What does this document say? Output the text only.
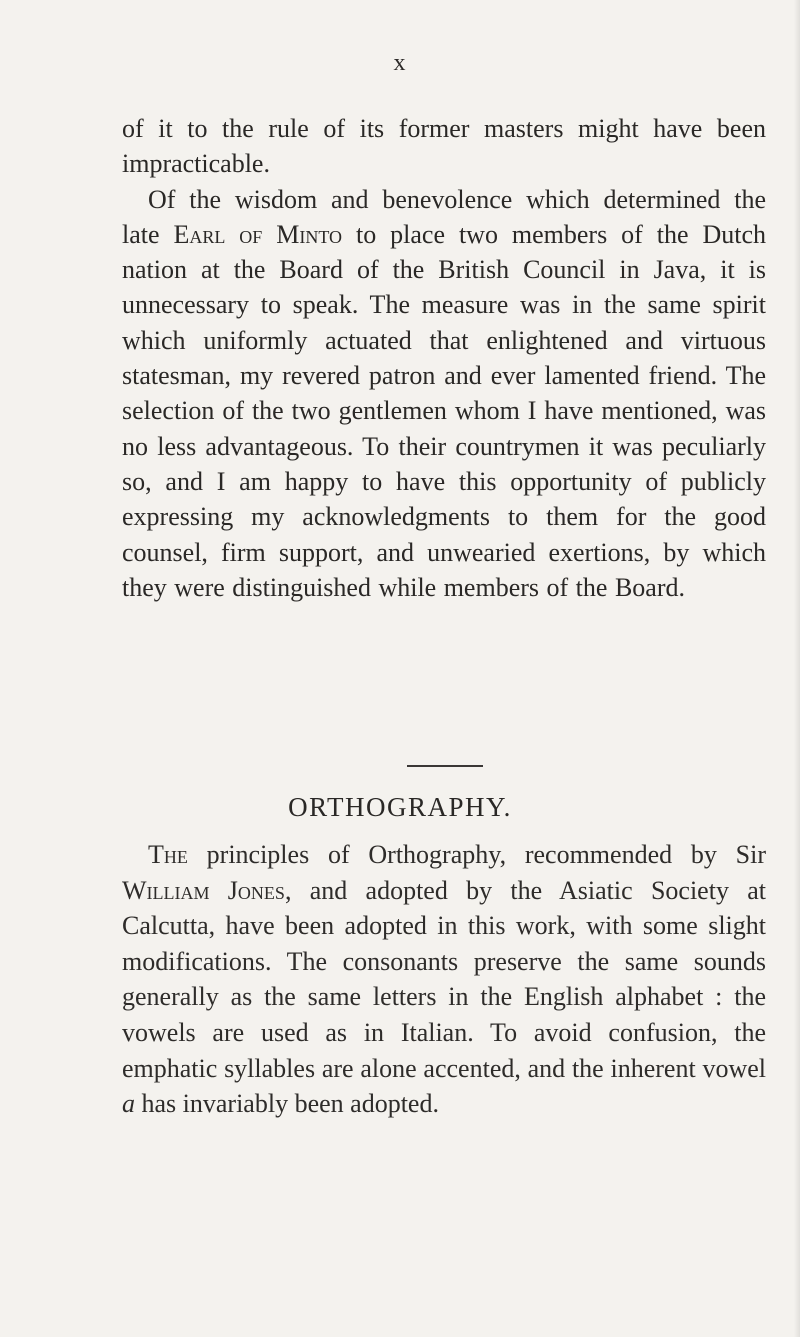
x

of it to the rule of its former masters might have been impracticable.

Of the wisdom and benevolence which determined the late Earl of Minto to place two members of the Dutch nation at the Board of the British Council in Java, it is unnecessary to speak. The measure was in the same spirit which uniformly actuated that enlightened and virtuous statesman, my revered patron and ever lamented friend. The selection of the two gentlemen whom I have mentioned, was no less advantageous. To their countrymen it was peculiarly so, and I am happy to have this opportunity of publicly expressing my acknowledgments to them for the good counsel, firm support, and unwearied exertions, by which they were distinguished while members of the Board.

ORTHOGRAPHY.

The principles of Orthography, recommended by Sir William Jones, and adopted by the Asiatic Society at Calcutta, have been adopted in this work, with some slight modifications. The consonants preserve the same sounds generally as the same letters in the English alphabet : the vowels are used as in Italian. To avoid confusion, the emphatic syllables are alone accented, and the inherent vowel a has invariably been adopted.
